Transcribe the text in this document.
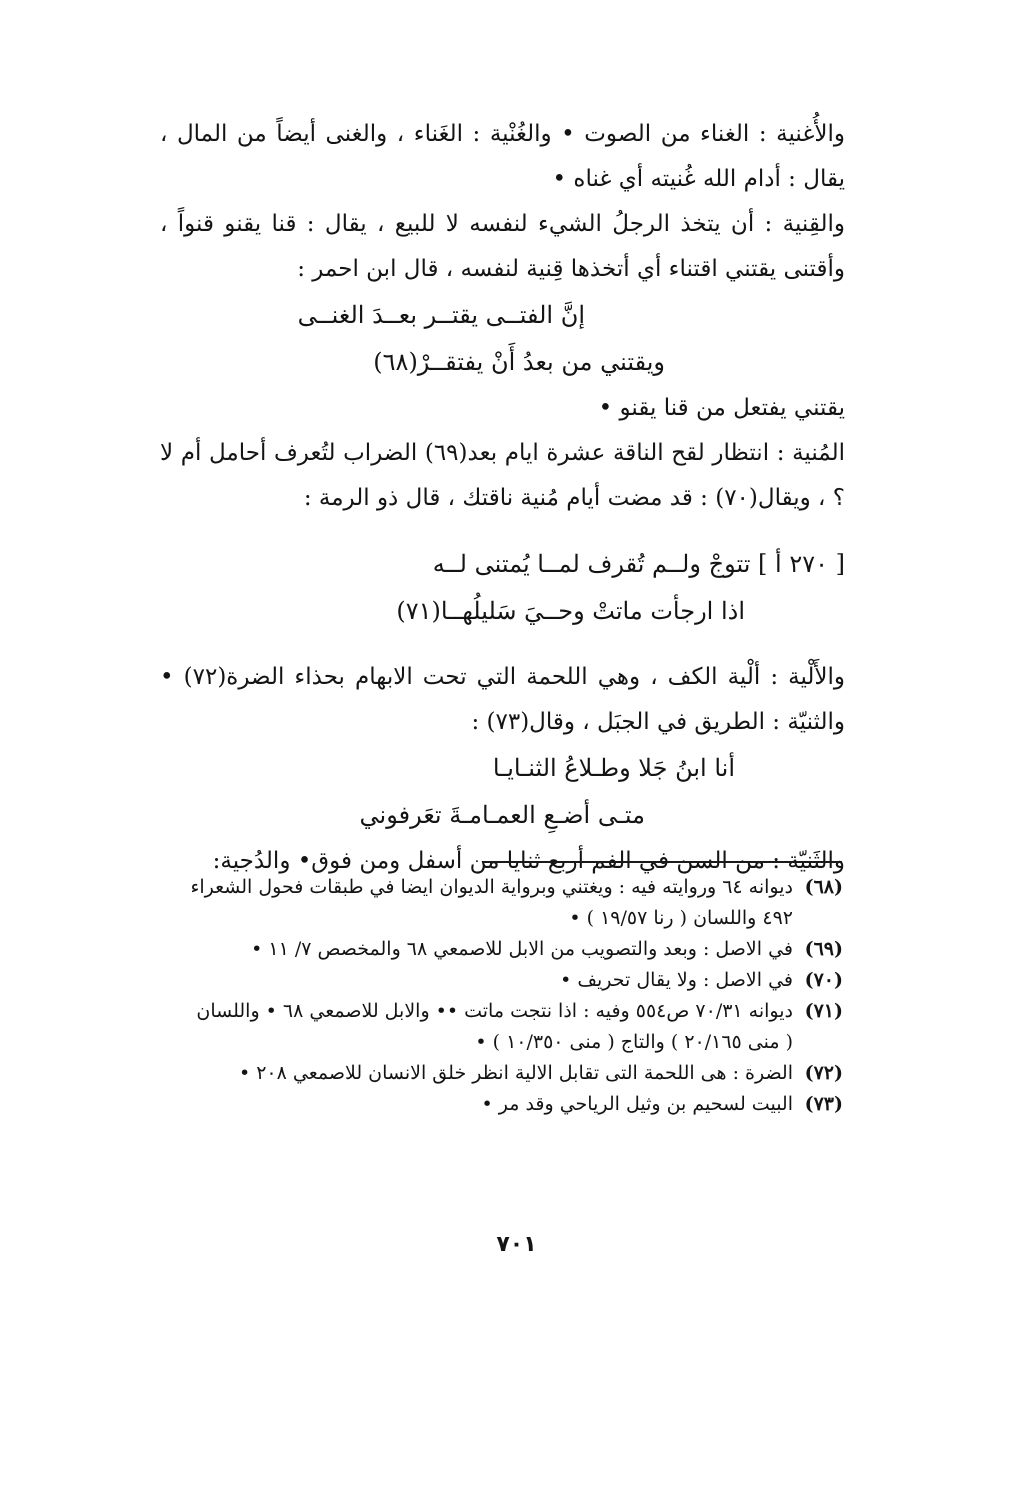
والأُغنية : الغناء من الصوت • والغُنْية : الغَناء ، والغنى أيضاً من المال ، يقال : أدام الله غُنيته أي غناه •

والقِنية : أن يتخذ الرجلُ الشيء لنفسه لا للبيع ، يقال : قنا يقنو قنواً ، وأقتنى يقتني اقتناء أي أتخذها قِنية لنفسه ، قال ابن احمر :

إنَّ الفتــى يقتــر بعــدَ الغنــى
ويقتني من بعدُ أَنْ يفتقــرْ(٦٨)

يقتني يفتعل من قنا يقنو •

المُنية : انتظار لقح الناقة عشرة ايام بعد(٦٩) الضراب لتُعرف أحامل أم لا ؟ ، ويقال(٧٠) : قد مضت أيام مُنية ناقتك ، قال ذو الرمة :

[ ٢٧٠ أ ] تتوجْ ولــم تُقرف لمــا يُمتنى لــه
اذا ارجأت ماتتْ وحــيَ سَليلُهــا(٧١)

والأَلْية : ألْية الكف ، وهي اللحمة التي تحت الابهام بحذاء الضرة(٧٢) • والثنيّة : الطريق في الجبَل ، وقال(٧٣) :

أنا ابنُ جَلا وطـلاعُ الثنـايـا
متـى أضـعِ العمـامـةَ تعَرفوني

والثَنيّة : من السن في الفم أربع ثنايا من أسفل ومن فوق• والدُجية:

(٦٨)
ديوانه ٦٤ وروايته فيه : ويغتني وبرواية الديوان ايضا في طبقات فحول الشعراء ٤٩٢ واللسان ( رنا ١٩/٥٧ ) •
(٦٩)
في الاصل : وبعد والتصويب من الابل للاصمعي ٦٨ والمخصص ٧/ ١١ •
(٧٠)
في الاصل : ولا يقال تحريف •
(٧١)
ديوانه ٧٠/٣١ ص٥٥٤ وفيه : اذا نتجت ماتت •• والابل للاصمعي ٦٨ • واللسان ( منى ٢٠/١٦٥ ) والتاج ( منى ١٠/٣٥٠ ) •
(٧٢)
الضرة : هى اللحمة التى تقابل الالية انظر خلق الانسان للاصمعي ٢٠٨ •
(٧٣)
البيت لسحيم بن وثيل الرياحي وقد مر •
٧٠١
